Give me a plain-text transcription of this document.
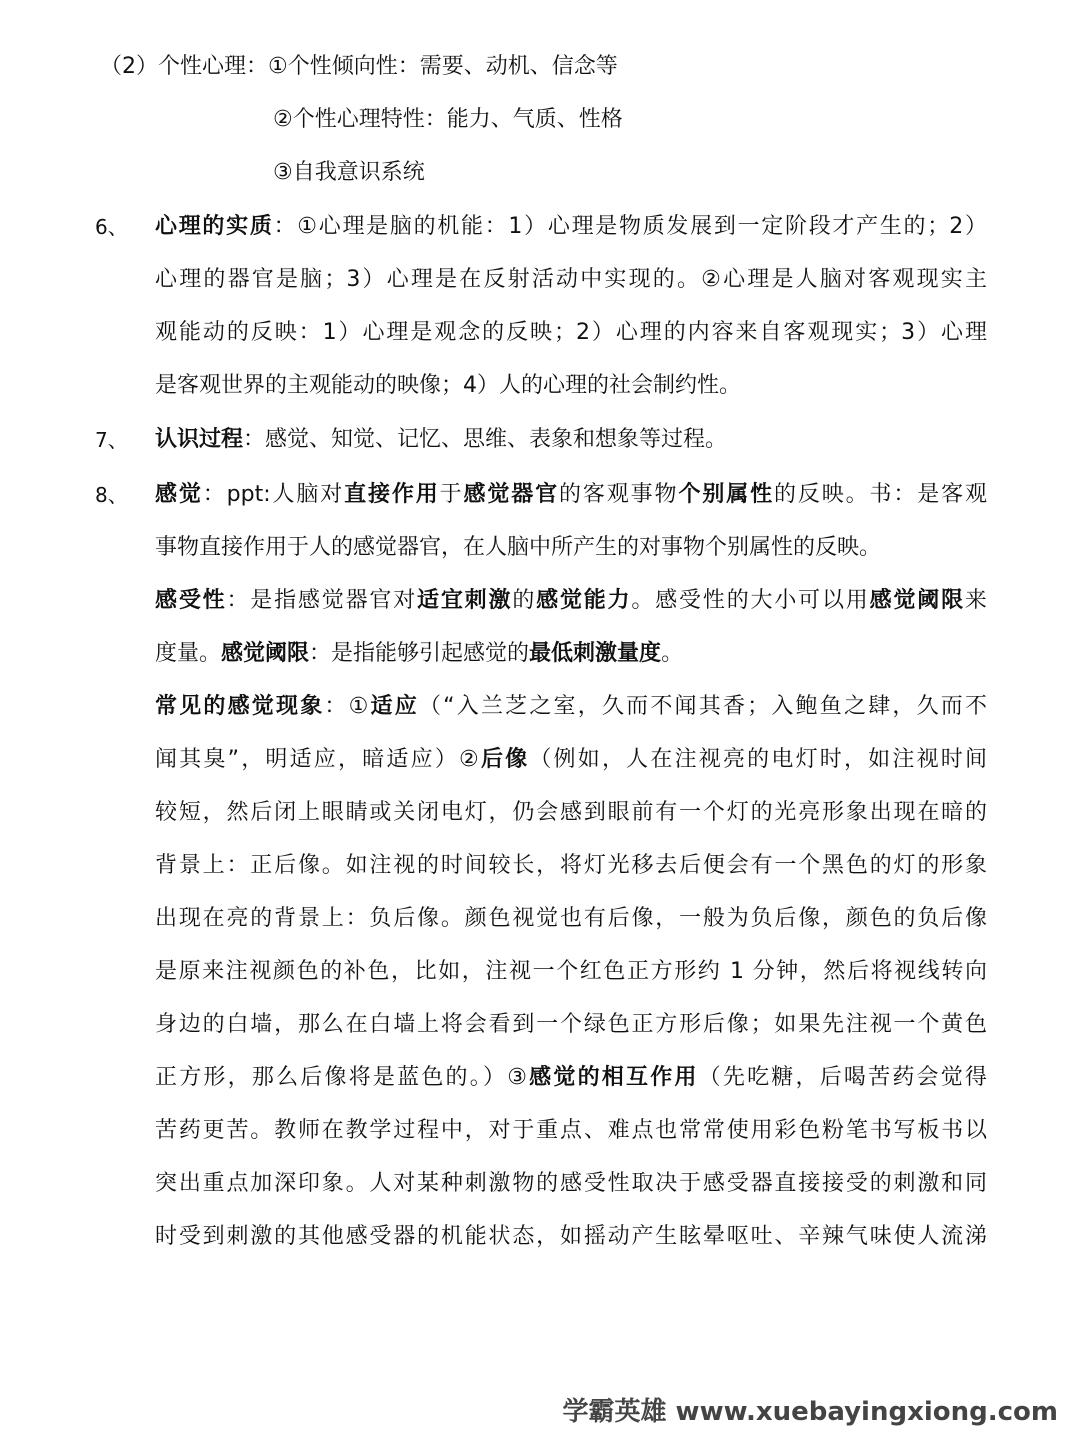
（2）个性心理：①个性倾向性：需要、动机、信念等
②个性心理特性：能力、气质、性格
③自我意识系统
6、 心理的实质：①心理是脑的机能：1）心理是物质发展到一定阶段才产生的；2）
心理的器官是脑；3）心理是在反射活动中实现的。②心理是人脑对客观现实主
观能动的反映：1）心理是观念的反映；2）心理的内容来自客观现实；3）心理
是客观世界的主观能动的映像；4）人的心理的社会制约性。
7、 认识过程：感觉、知觉、记忆、思维、表象和想象等过程。
8、 感觉：ppt:人脑对直接作用于感觉器官的客观事物个别属性的反映。书：是客观
事物直接作用于人的感觉器官，在人脑中所产生的对事物个别属性的反映。
感受性：是指感觉器官对适宜刺激的感觉能力。感受性的大小可以用感觉阈限来
度量。感觉阈限：是指能够引起感觉的最低刺激量度。
常见的感觉现象：①适应（“入兰芝之室，久而不闻其香；入鲍鱼之肆，久而不
闻其臭”，明适应，暗适应）②后像（例如，人在注视亮的电灯时，如注视时间
较短，然后闭上眼睛或关闭电灯，仍会感到眼前有一个灯的光亮形象出现在暗的
背景上：正后像。如注视的时间较长，将灯光移去后便会有一个黑色的灯的形象
出现在亮的背景上：负后像。颜色视觉也有后像，一般为负后像，颜色的负后像
是原来注视颜色的补色，比如，注视一个红色正方形约 1 分钟，然后将视线转向
身边的白墙，那么在白墙上将会看到一个绿色正方形后像；如果先注视一个黄色
正方形，那么后像将是蓝色的。）③感觉的相互作用（先吃糖，后喝苦药会觉得
苦药更苦。教师在教学过程中，对于重点、难点也常常使用彩色粉笔书写板书以
突出重点加深印象。人对某种刺激物的感受性取决于感受器直接接受的刺激和同
时受到刺激的其他感受器的机能状态，如摇动产生眩晕呕吐、辛辣气味使人流涕
学霸英雄 www.xuebayingxiong.com
